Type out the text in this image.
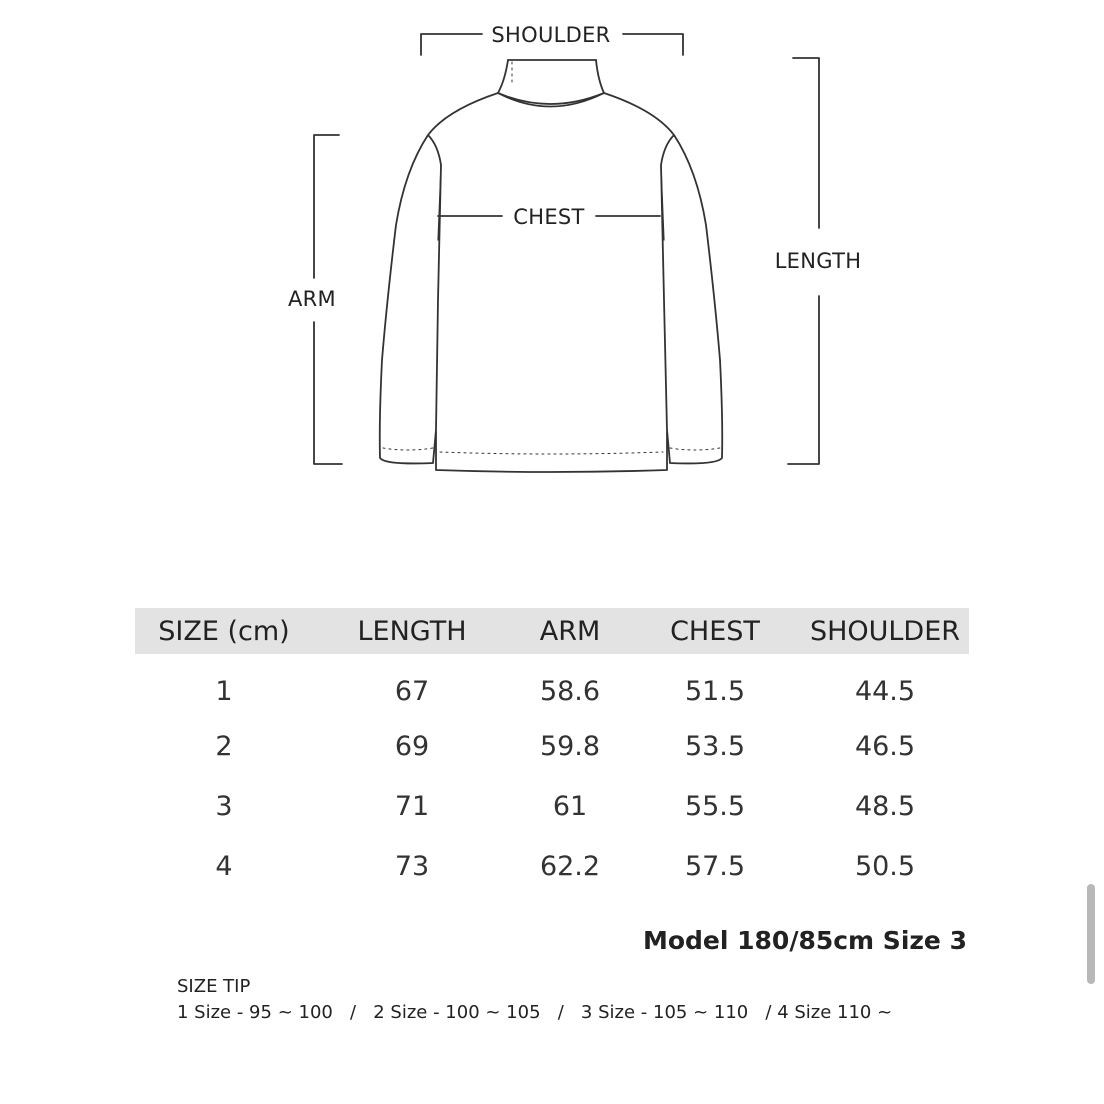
SHOULDER
CHEST
LENGTH
ARM
SIZE (cm)	LENGTH	ARM	CHEST	SHOULDER
1	67	58.6	51.5	44.5
2	69	59.8	53.5	46.5
3	71	61	55.5	48.5
4	73	62.2	57.5	50.5
Model 180/85cm Size 3
SIZE TIP
1 Size - 95 ~ 100   /   2 Size - 100 ~ 105   /   3 Size - 105 ~ 110   / 4 Size 110 ~
